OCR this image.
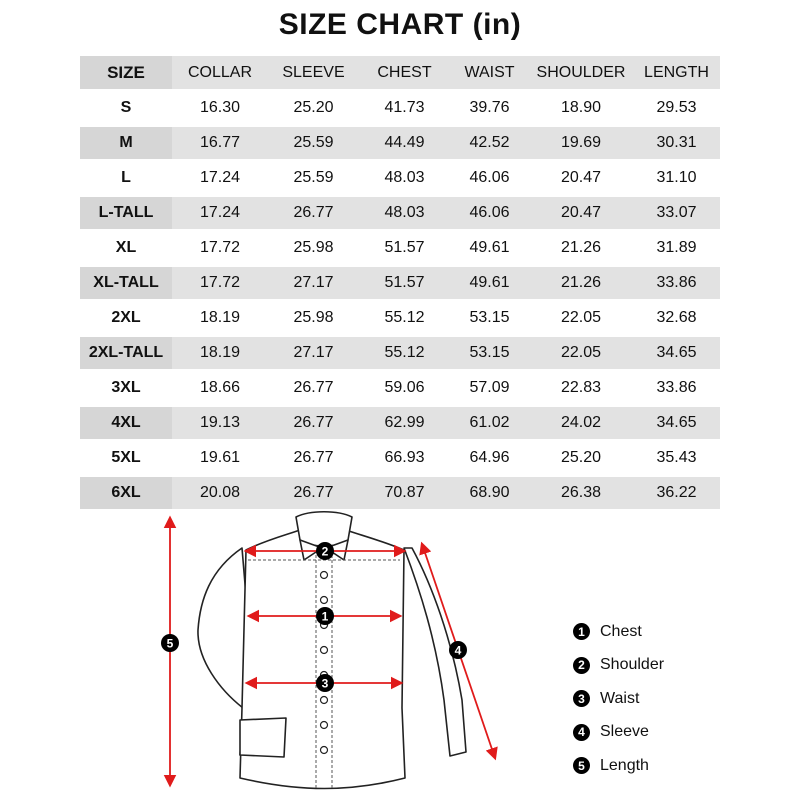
SIZE CHART (in)
SIZE	COLLAR	SLEEVE	CHEST	WAIST	SHOULDER	LENGTH
S	16.30	25.20	41.73	39.76	18.90	29.53
M	16.77	25.59	44.49	42.52	19.69	30.31
L	17.24	25.59	48.03	46.06	20.47	31.10
L-TALL	17.24	26.77	48.03	46.06	20.47	33.07
XL	17.72	25.98	51.57	49.61	21.26	31.89
XL-TALL	17.72	27.17	51.57	49.61	21.26	33.86
2XL	18.19	25.98	55.12	53.15	22.05	32.68
2XL-TALL	18.19	27.17	55.12	53.15	22.05	34.65
3XL	18.66	26.77	59.06	57.09	22.83	33.86
4XL	19.13	26.77	62.99	61.02	24.02	34.65
5XL	19.61	26.77	66.93	64.96	25.20	35.43
6XL	20.08	26.77	70.87	68.90	26.38	36.22
2
1
3
4
5
1 Chest
2 Shoulder
3 Waist
4 Sleeve
5 Length
